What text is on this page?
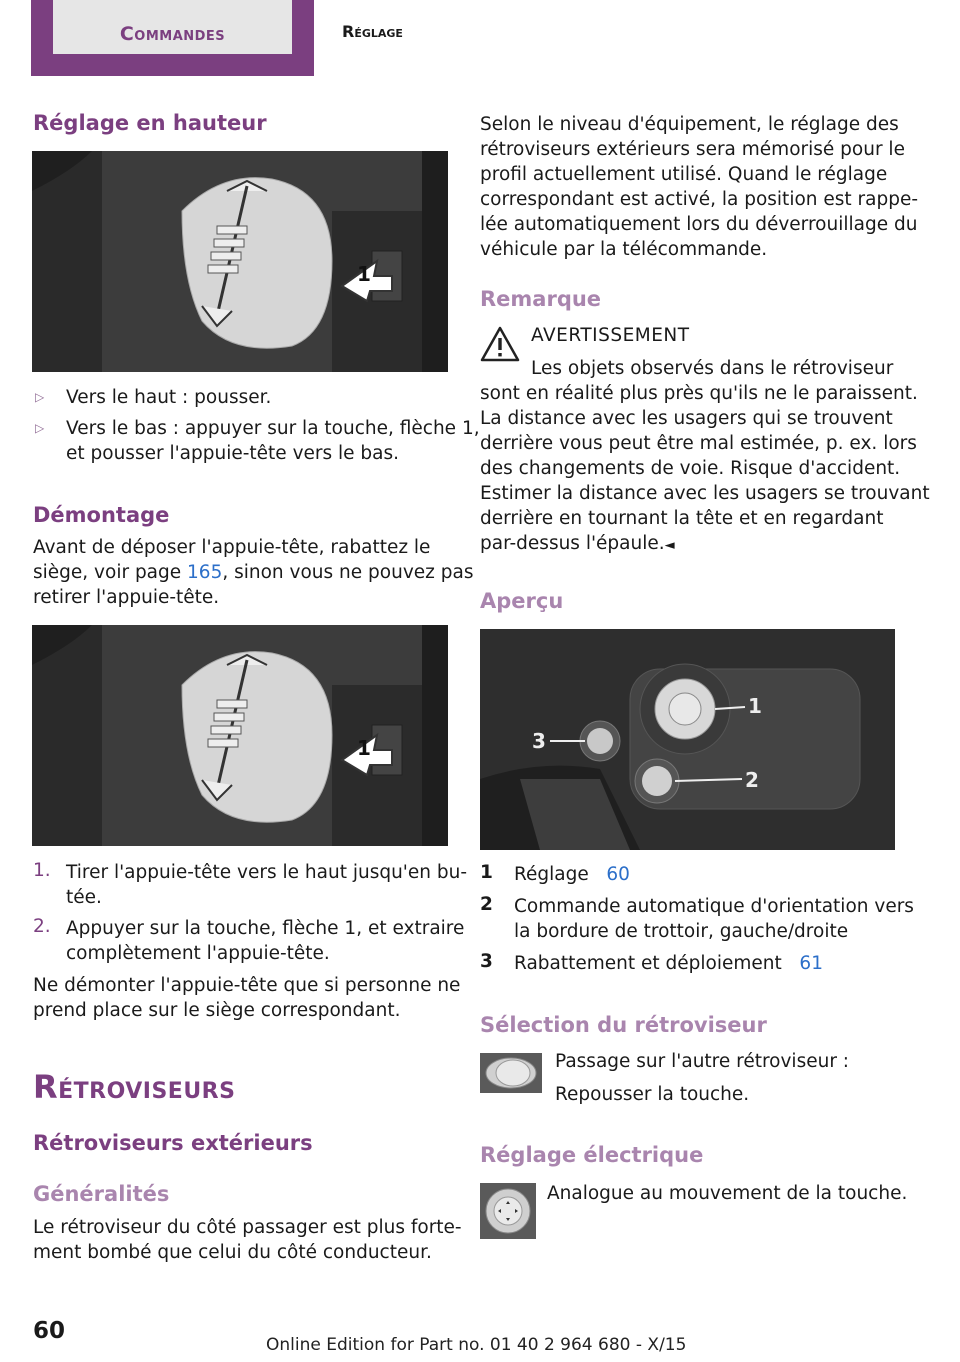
Commandes	Réglage
Réglage en hauteur
1
▷ Vers le haut : pousser.
▷ Vers le bas : appuyer sur la touche, flèche 1,
et pousser l'appuie-tête vers le bas.
Démontage
Avant de déposer l'appuie-tête, rabattez le
siège, voir page 165, sinon vous ne pouvez pas
retirer l'appuie-tête.
1
1. Tirer l'appuie-tête vers le haut jusqu'en bu-
tée.
2. Appuyer sur la touche, flèche 1, et extraire
complètement l'appuie-tête.
Ne démonter l'appuie-tête que si personne ne
prend place sur le siège correspondant.
Rétroviseurs
Rétroviseurs extérieurs
Généralités
Le rétroviseur du côté passager est plus forte-
ment bombé que celui du côté conducteur.
Selon le niveau d'équipement, le réglage des
rétroviseurs extérieurs sera mémorisé pour le
profil actuellement utilisé. Quand le réglage
correspondant est activé, la position est rappe-
lée automatiquement lors du déverrouillage du
véhicule par la télécommande.
Remarque
AVERTISSEMENT
Les objets observés dans le rétroviseur
sont en réalité plus près qu'ils ne le paraissent.
La distance avec les usagers qui se trouvent
derrière vous peut être mal estimée, p. ex. lors
des changements de voie. Risque d'accident.
Estimer la distance avec les usagers se trouvant
derrière en tournant la tête et en regardant
par-dessus l'épaule.◄
Aperçu
1
2
3
1 Réglage 60
2 Commande automatique d'orientation vers
la bordure de trottoir, gauche/droite
3 Rabattement et déploiement 61
Sélection du rétroviseur
Passage sur l'autre rétroviseur :
Repousser la touche.
Réglage électrique
Analogue au mouvement de la touche.
60
Online Edition for Part no. 01 40 2 964 680 - X/15
